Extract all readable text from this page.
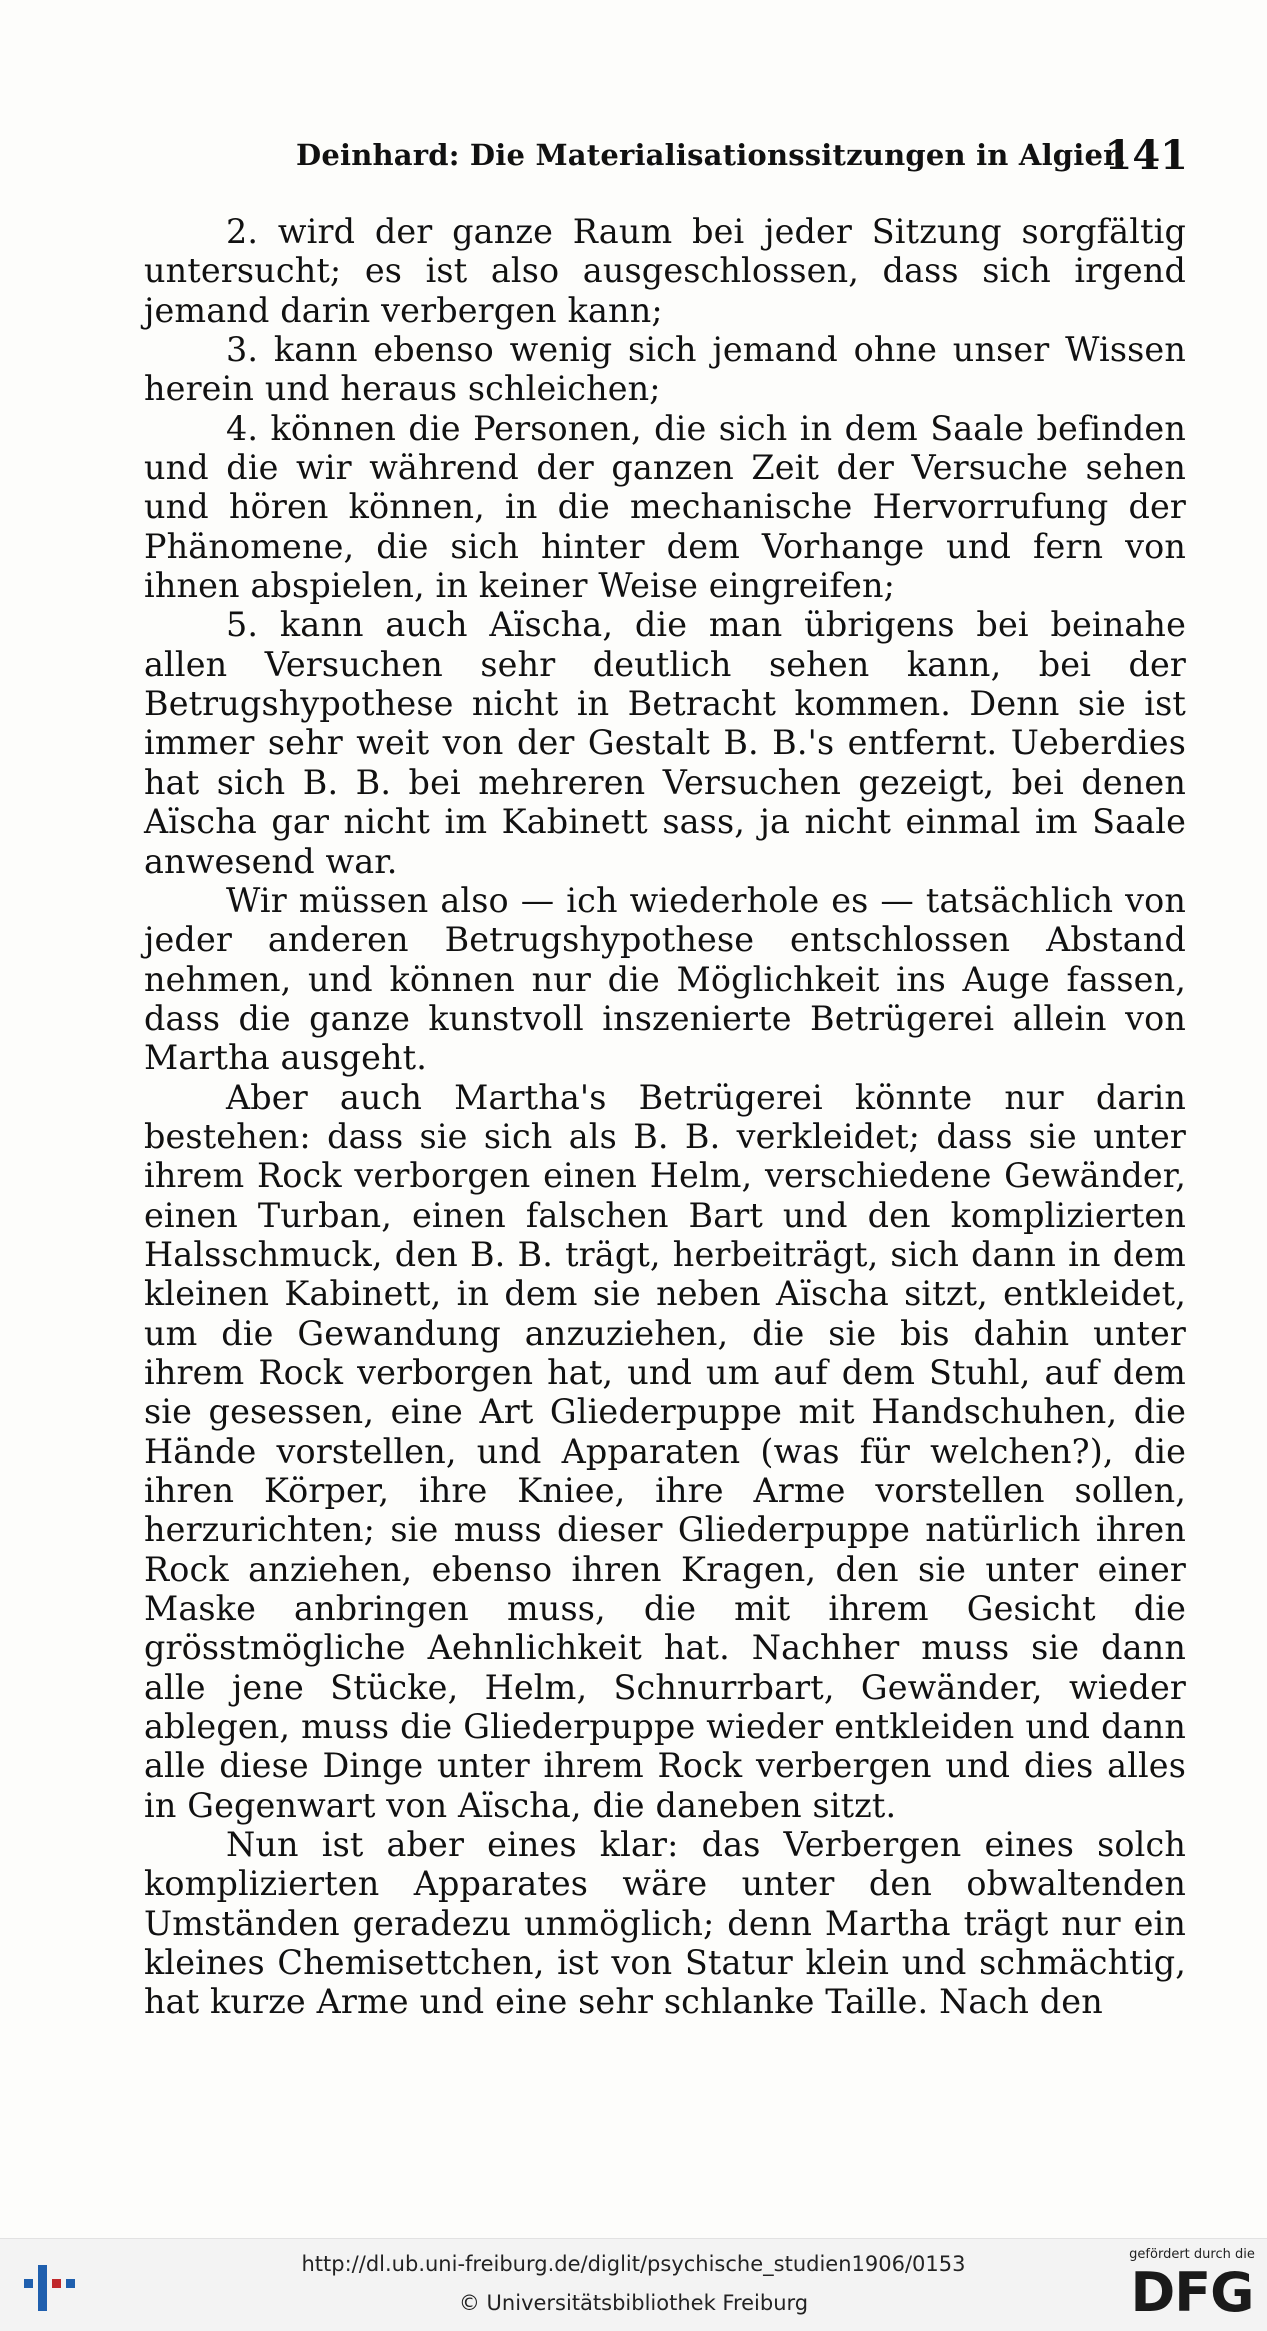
Deinhard: Die Materialisationssitzungen in Algier.
141

2. wird der ganze Raum bei jeder Sitzung sorgfältig untersucht; es ist also ausgeschlossen, dass sich irgend jemand darin verbergen kann;

3. kann ebenso wenig sich jemand ohne unser Wissen herein und heraus schleichen;

4. können die Personen, die sich in dem Saale befinden und die wir während der ganzen Zeit der Versuche sehen und hören können, in die mechanische Hervorrufung der Phänomene, die sich hinter dem Vorhange und fern von ihnen abspielen, in keiner Weise eingreifen;

5. kann auch Aïscha, die man übrigens bei beinahe allen Versuchen sehr deutlich sehen kann, bei der Betrugshypothese nicht in Betracht kommen. Denn sie ist immer sehr weit von der Gestalt B. B.'s entfernt. Ueberdies hat sich B. B. bei mehreren Versuchen gezeigt, bei denen Aïscha gar nicht im Kabinett sass, ja nicht einmal im Saale anwesend war.

Wir müssen also — ich wiederhole es — tatsächlich von jeder anderen Betrugshypothese entschlossen Abstand nehmen, und können nur die Möglichkeit ins Auge fassen, dass die ganze kunstvoll inszenierte Betrügerei allein von Martha ausgeht.

Aber auch Martha's Betrügerei könnte nur darin bestehen: dass sie sich als B. B. verkleidet; dass sie unter ihrem Rock verborgen einen Helm, verschiedene Gewänder, einen Turban, einen falschen Bart und den komplizierten Halsschmuck, den B. B. trägt, herbeiträgt, sich dann in dem kleinen Kabinett, in dem sie neben Aïscha sitzt, entkleidet, um die Gewandung anzuziehen, die sie bis dahin unter ihrem Rock verborgen hat, und um auf dem Stuhl, auf dem sie gesessen, eine Art Gliederpuppe mit Handschuhen, die Hände vorstellen, und Apparaten (was für welchen?), die ihren Körper, ihre Kniee, ihre Arme vorstellen sollen, herzurichten; sie muss dieser Gliederpuppe natürlich ihren Rock anziehen, ebenso ihren Kragen, den sie unter einer Maske anbringen muss, die mit ihrem Gesicht die grösstmögliche Aehnlichkeit hat. Nachher muss sie dann alle jene Stücke, Helm, Schnurrbart, Gewänder, wieder ablegen, muss die Gliederpuppe wieder entkleiden und dann alle diese Dinge unter ihrem Rock verbergen und dies alles in Gegenwart von Aïscha, die daneben sitzt.

Nun ist aber eines klar: das Verbergen eines solch komplizierten Apparates wäre unter den obwaltenden Umständen geradezu unmöglich; denn Martha trägt nur ein kleines Chemisettchen, ist von Statur klein und schmächtig, hat kurze Arme und eine sehr schlanke Taille. Nach den

http://dl.ub.uni-freiburg.de/diglit/psychische_studien1906/0153
© Universitätsbibliothek Freiburg
gefördert durch die
DFG
